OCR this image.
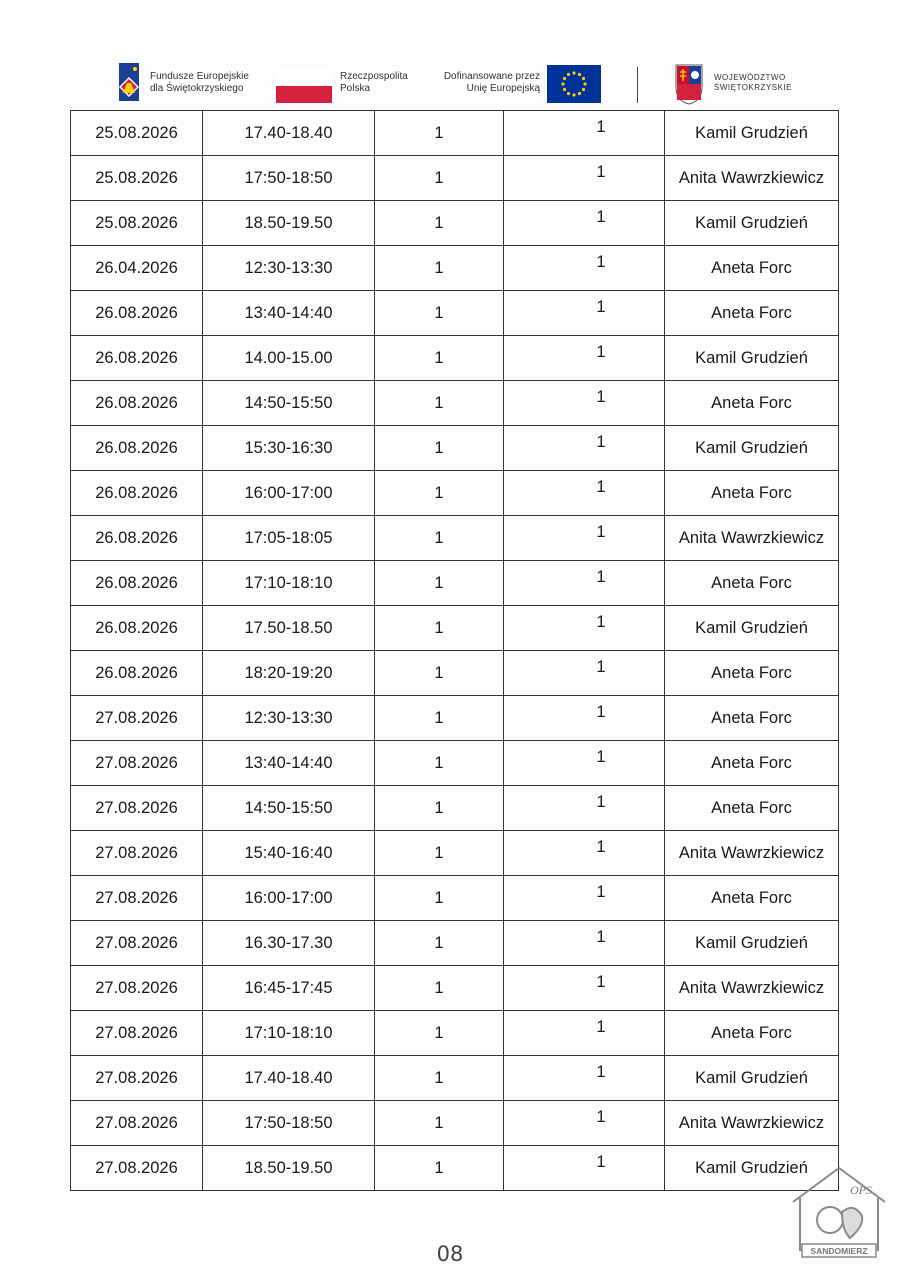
Fundusze Europejskie
dla Świętokrzyskiego
Rzeczpospolita
Polska
Dofinansowane przez
Unię Europejską
WOJEWÓDZTWO
ŚWIĘTOKRZYSKIE
25.08.2026	17.40-18.40	1	1	Kamil Grudzień
25.08.2026	17:50-18:50	1	1	Anita Wawrzkiewicz
25.08.2026	18.50-19.50	1	1	Kamil Grudzień
26.04.2026	12:30-13:30	1	1	Aneta Forc
26.08.2026	13:40-14:40	1	1	Aneta Forc
26.08.2026	14.00-15.00	1	1	Kamil Grudzień
26.08.2026	14:50-15:50	1	1	Aneta Forc
26.08.2026	15:30-16:30	1	1	Kamil Grudzień
26.08.2026	16:00-17:00	1	1	Aneta Forc
26.08.2026	17:05-18:05	1	1	Anita Wawrzkiewicz
26.08.2026	17:10-18:10	1	1	Aneta Forc
26.08.2026	17.50-18.50	1	1	Kamil Grudzień
26.08.2026	18:20-19:20	1	1	Aneta Forc
27.08.2026	12:30-13:30	1	1	Aneta Forc
27.08.2026	13:40-14:40	1	1	Aneta Forc
27.08.2026	14:50-15:50	1	1	Aneta Forc
27.08.2026	15:40-16:40	1	1	Anita Wawrzkiewicz
27.08.2026	16:00-17:00	1	1	Aneta Forc
27.08.2026	16.30-17.30	1	1	Kamil Grudzień
27.08.2026	16:45-17:45	1	1	Anita Wawrzkiewicz
27.08.2026	17:10-18:10	1	1	Aneta Forc
27.08.2026	17.40-18.40	1	1	Kamil Grudzień
27.08.2026	17:50-18:50	1	1	Anita Wawrzkiewicz
27.08.2026	18.50-19.50	1	1	Kamil Grudzień
08
OPS
SANDOMIERZ
